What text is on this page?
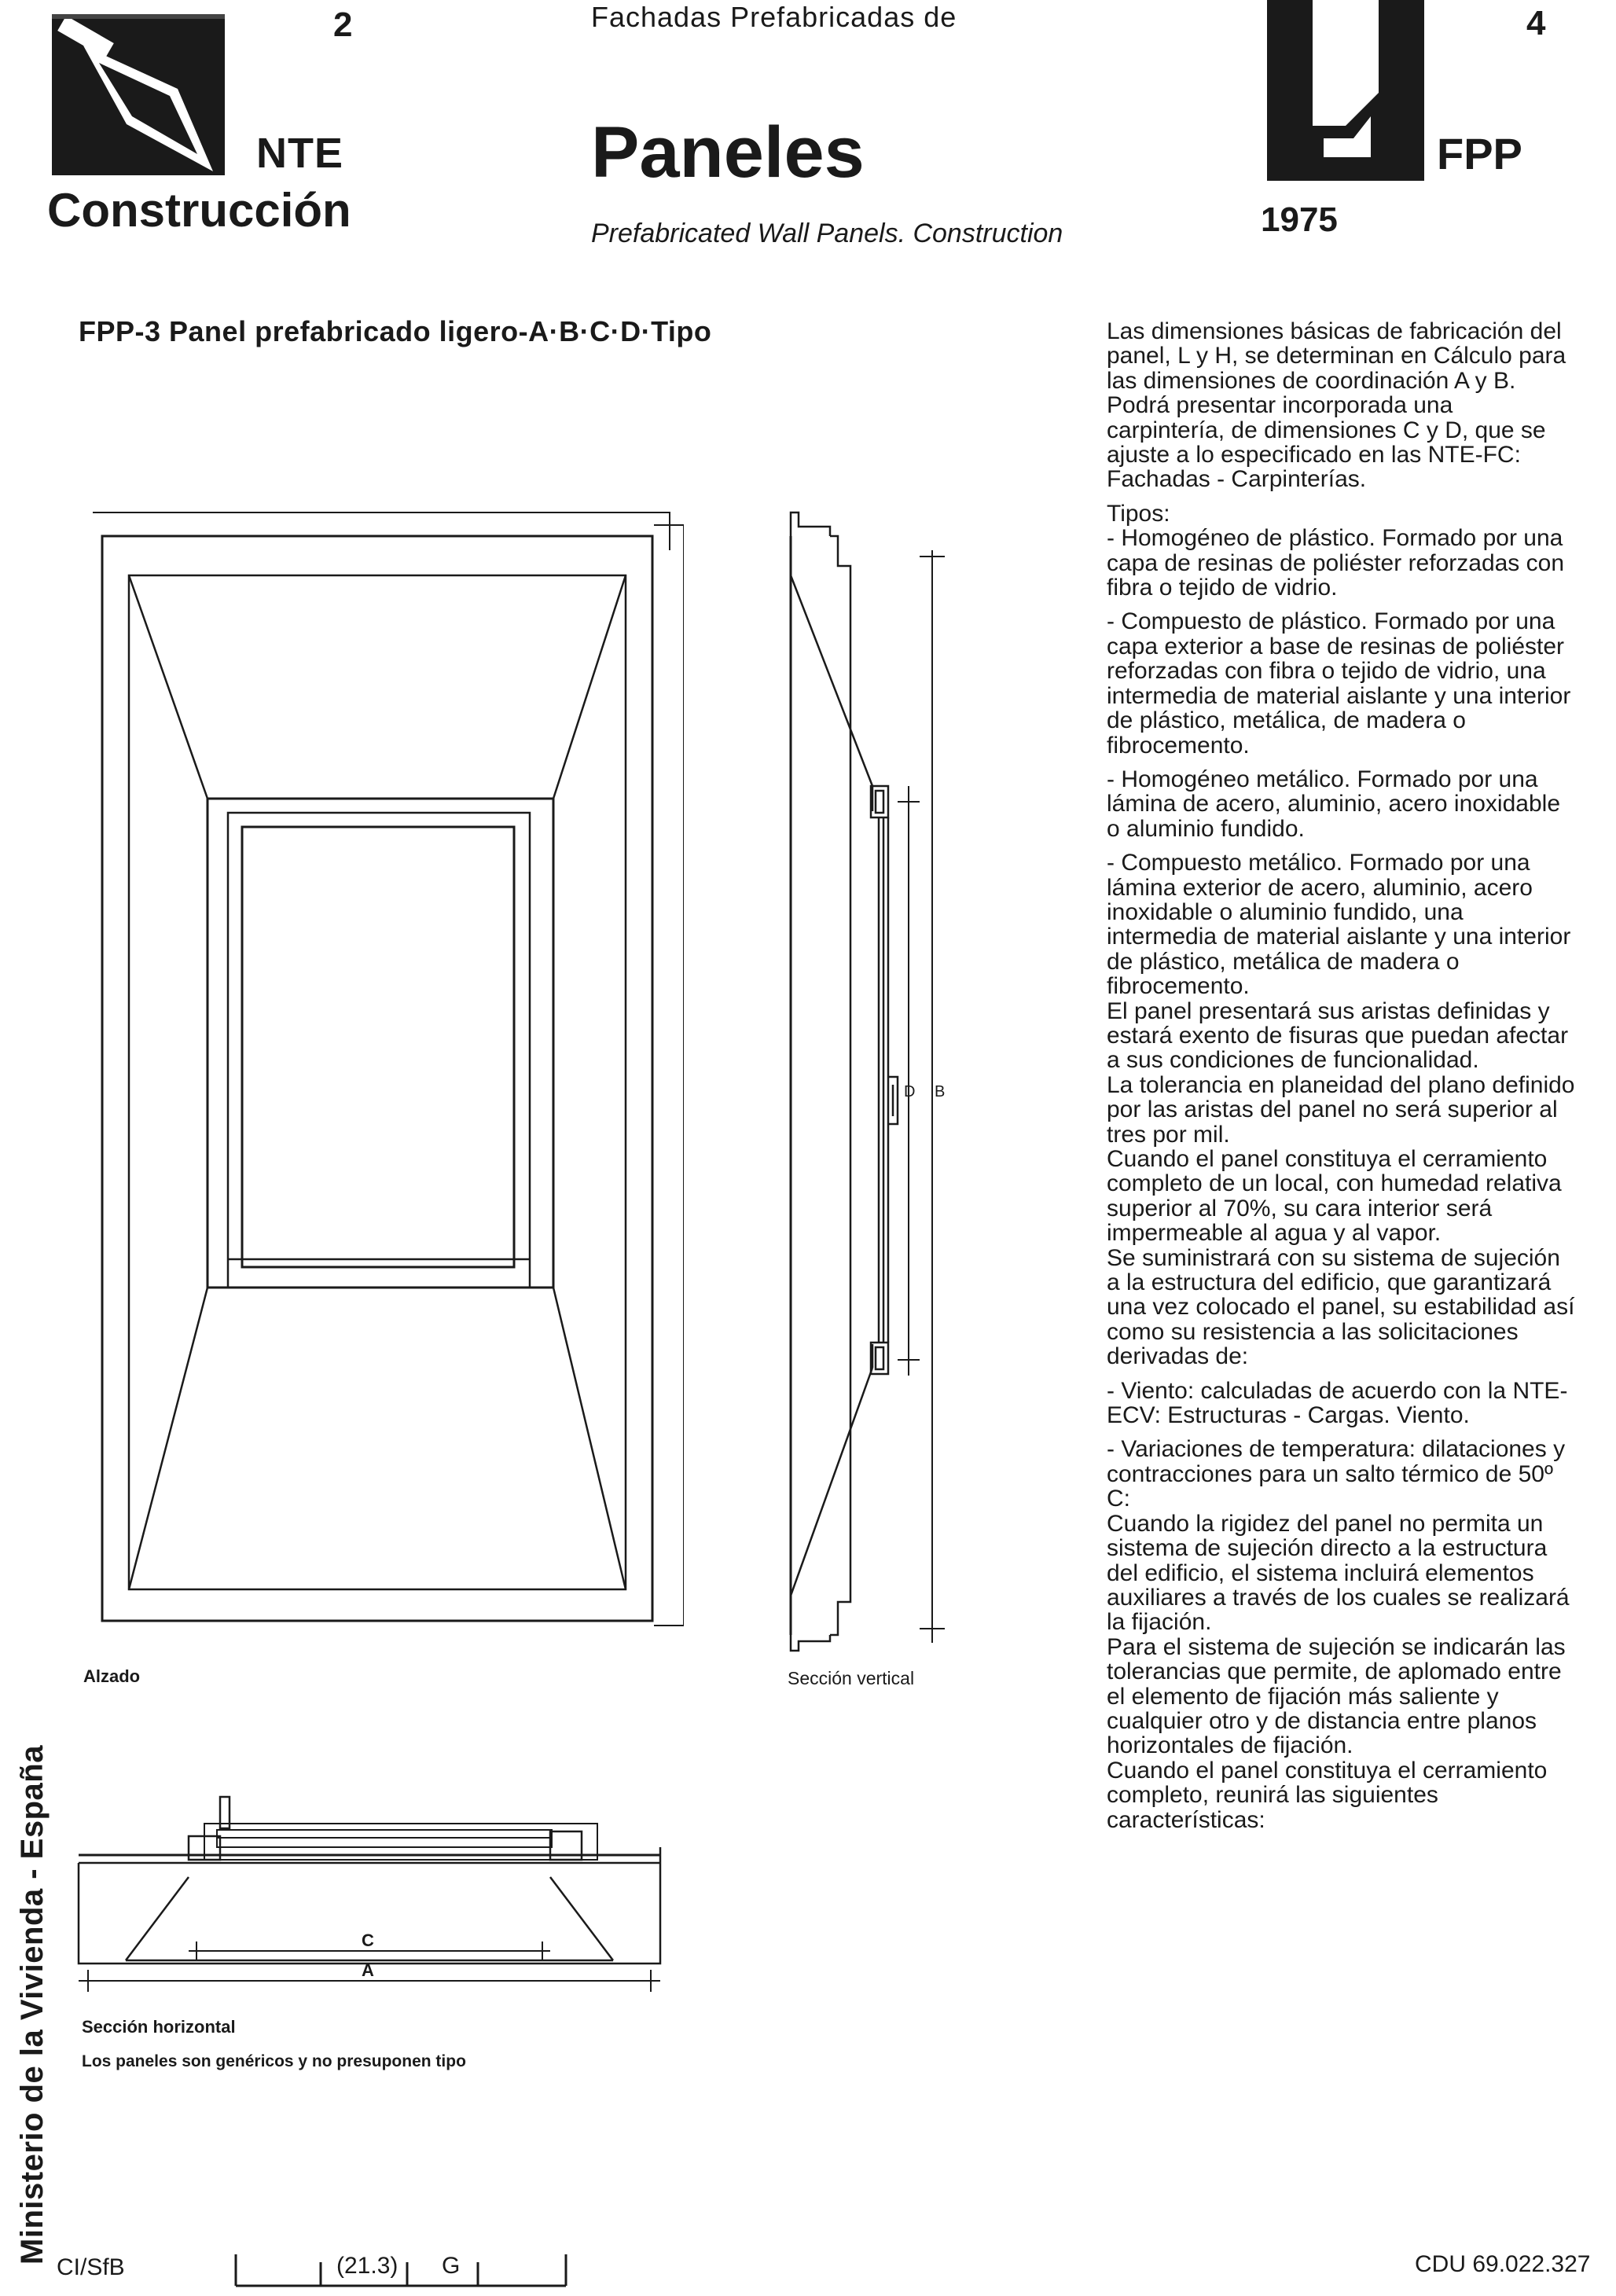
2
NTE
Construcción
Fachadas Prefabricadas de
Paneles
Prefabricated Wall Panels. Construction
4
FPP
1975
FPP-3 Panel prefabricado ligero-A·B·C·D·Tipo
D B
C
A
Alzado	Sección vertical
Sección horizontal
Los paneles son genéricos y no presuponen tipo

Las dimensiones básicas de fabricación del panel, L y H, se determinan en Cálculo para las dimensiones de coordinación A y B.
Podrá presentar incorporada una carpintería, de dimensiones C y D, que se ajuste a lo especificado en las NTE-FC: Fachadas - Carpinterías.

Tipos:
- Homogéneo de plástico. Formado por una capa de resinas de poliéster reforzadas con fibra o tejido de vidrio.

- Compuesto de plástico. Formado por una capa exterior a base de resinas de poliéster reforzadas con fibra o tejido de vidrio, una intermedia de material aislante y una interior de plástico, metálica, de madera o fibrocemento.

- Homogéneo metálico. Formado por una lámina de acero, aluminio, acero inoxidable o aluminio fundido.

- Compuesto metálico. Formado por una lámina exterior de acero, aluminio, acero inoxidable o aluminio fundido, una intermedia de material aislante y una interior de plástico, metálica de madera o fibrocemento.
El panel presentará sus aristas definidas y estará exento de fisuras que puedan afectar a sus condiciones de funcionalidad.
La tolerancia en planeidad del plano definido por las aristas del panel no será superior al tres por mil.
Cuando el panel constituya el cerramiento completo de un local, con humedad relativa superior al 70%, su cara interior será impermeable al agua y al vapor.
Se suministrará con su sistema de sujeción a la estructura del edificio, que garantizará una vez colocado el panel, su estabilidad así como su resistencia a las solicitaciones derivadas de:

- Viento: calculadas de acuerdo con la NTE-ECV: Estructuras - Cargas. Viento.

- Variaciones de temperatura: dilataciones y contracciones para un salto térmico de 50º C:
Cuando la rigidez del panel no permita un sistema de sujeción directo a la estructura del edificio, el sistema incluirá elementos auxiliares a través de los cuales se realizará la fijación.
Para el sistema de sujeción se indicarán las tolerancias que permite, de aplomado entre el elemento de fijación más saliente y cualquier otro y de distancia entre planos horizontales de fijación.
Cuando el panel constituya el cerramiento completo, reunirá las siguientes características:

Ministerio de la Vivienda - España
CI/SfB	(21.3) G	CDU 69.022.327
